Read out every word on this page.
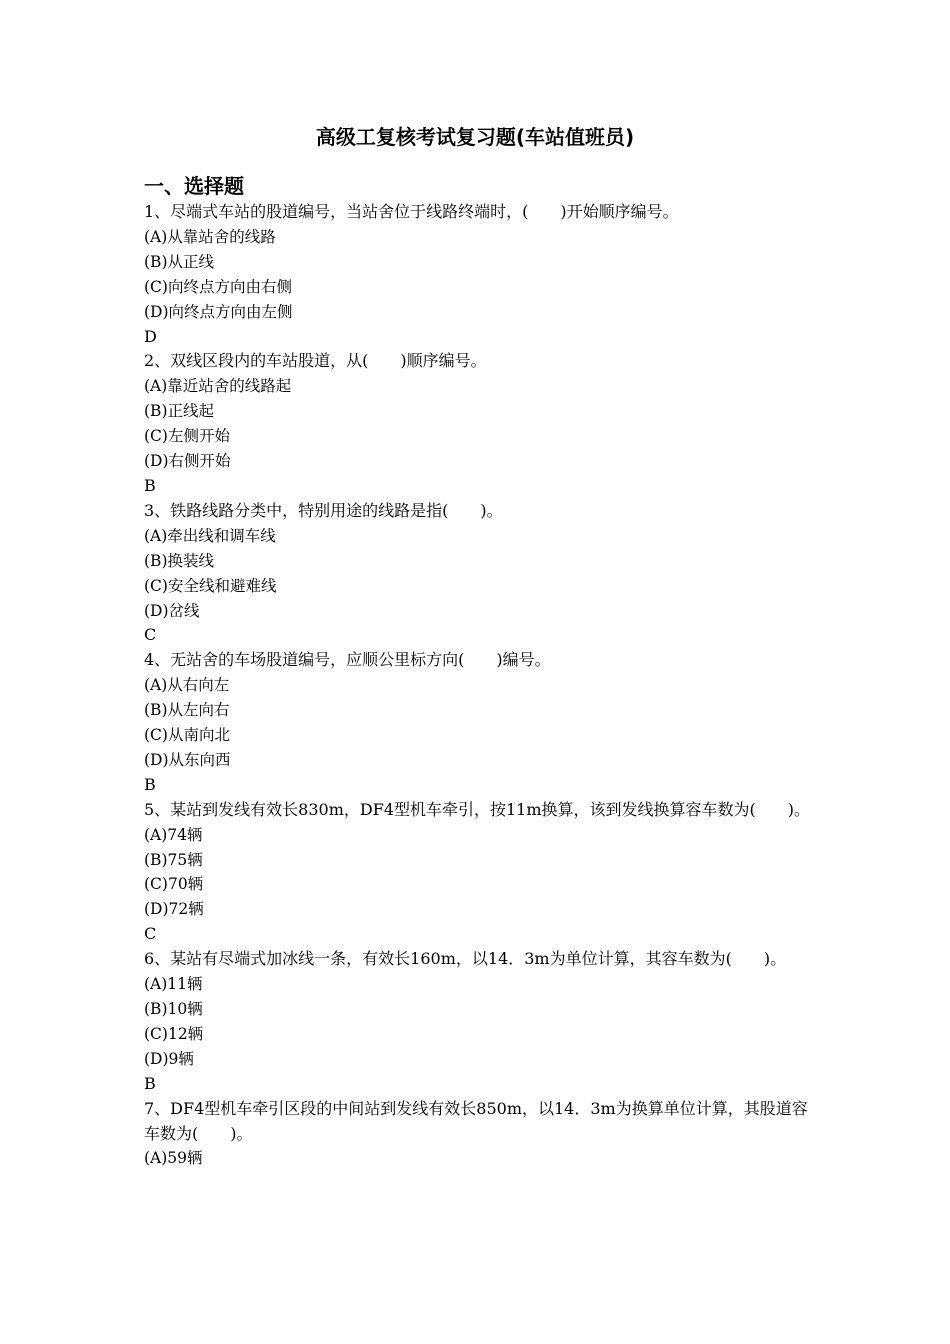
高级工复核考试复习题(车站值班员)
一、选择题
1、尽端式车站的股道编号，当站舍位于线路终端时，(　　)开始顺序编号。
(A)从靠站舍的线路
(B)从正线
(C)向终点方向由右侧
(D)向终点方向由左侧
D
2、双线区段内的车站股道，从(　　)顺序编号。
(A)靠近站舍的线路起
(B)正线起
(C)左侧开始
(D)右侧开始
B
3、铁路线路分类中，特别用途的线路是指(　　)。
(A)牵出线和调车线
(B)换装线
(C)安全线和避难线
(D)岔线
C
4、无站舍的车场股道编号，应顺公里标方向(　　)编号。
(A)从右向左
(B)从左向右
(C)从南向北
(D)从东向西
B
5、某站到发线有效长830m，DF4型机车牵引，按11m换算，该到发线换算容车数为(　　)。
(A)74辆
(B)75辆
(C)70辆
(D)72辆
C
6、某站有尽端式加冰线一条，有效长160m，以14．3m为单位计算，其容车数为(　　)。
(A)11辆
(B)10辆
(C)12辆
(D)9辆
B
7、DF4型机车牵引区段的中间站到发线有效长850m，以14．3m为换算单位计算，其股道容车数为(　　)。
(A)59辆
